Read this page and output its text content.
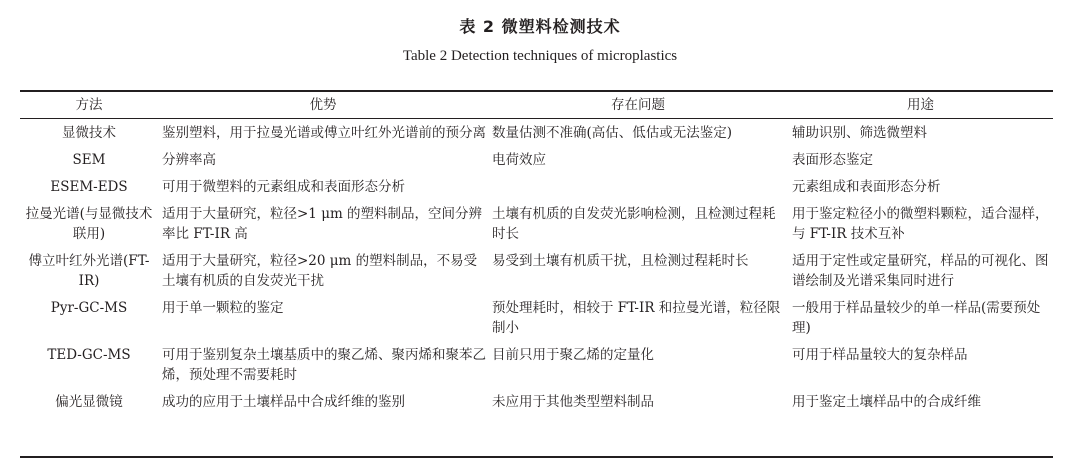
表 2 微塑料检测技术
Table 2 Detection techniques of microplastics
方法	优势	存在问题	用途
显微技术	鉴别塑料，用于拉曼光谱或傅立叶红外光谱前的预分离	数量估测不准确(高估、低估或无法鉴定)	辅助识别、筛选微塑料
SEM	分辨率高	电荷效应	表面形态鉴定
ESEM-EDS	可用于微塑料的元素组成和表面形态分析		元素组成和表面形态分析
拉曼光谱(与显微技术联用)	适用于大量研究，粒径>1 μm 的塑料制品，空间分辨率比 FT-IR 高	土壤有机质的自发荧光影响检测，且检测过程耗时长	用于鉴定粒径小的微塑料颗粒，适合湿样，与 FT-IR 技术互补
傅立叶红外光谱(FT-IR)	适用于大量研究，粒径>20 μm 的塑料制品，不易受土壤有机质的自发荧光干扰	易受到土壤有机质干扰，且检测过程耗时长	适用于定性或定量研究，样品的可视化、图谱绘制及光谱采集同时进行
Pyr-GC-MS	用于单一颗粒的鉴定	预处理耗时，相较于 FT-IR 和拉曼光谱，粒径限制小	一般用于样品量较少的单一样品(需要预处理)
TED-GC-MS	可用于鉴别复杂土壤基质中的聚乙烯、聚丙烯和聚苯乙烯，预处理不需要耗时	目前只用于聚乙烯的定量化	可用于样品量较大的复杂样品
偏光显微镜	成功的应用于土壤样品中合成纤维的鉴别	未应用于其他类型塑料制品	用于鉴定土壤样品中的合成纤维
